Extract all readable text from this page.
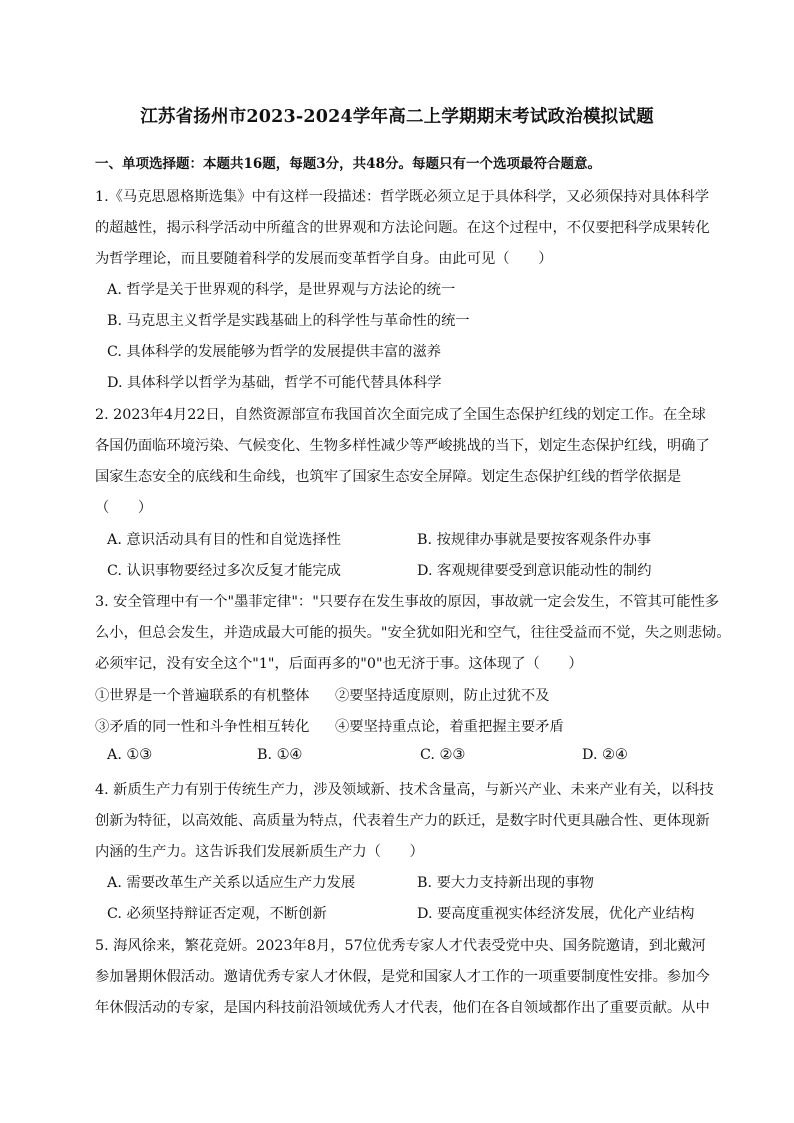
江苏省扬州市2023-2024学年高二上学期期末考试政治模拟试题
一、单项选择题：本题共16题，每题3分，共48分。每题只有一个选项最符合题意。
1.《马克思恩格斯选集》中有这样一段描述：哲学既必须立足于具体科学，又必须保持对具体科学
的超越性，揭示科学活动中所蕴含的世界观和方法论问题。在这个过程中，不仅要把科学成果转化
为哲学理论，而且要随着科学的发展而变革哲学自身。由此可见（　　）
A. 哲学是关于世界观的科学，是世界观与方法论的统一
B. 马克思主义哲学是实践基础上的科学性与革命性的统一
C. 具体科学的发展能够为哲学的发展提供丰富的滋养
D. 具体科学以哲学为基础，哲学不可能代替具体科学
2. 2023年4月22日，自然资源部宣布我国首次全面完成了全国生态保护红线的划定工作。在全球
各国仍面临环境污染、气候变化、生物多样性减少等严峻挑战的当下，划定生态保护红线，明确了
国家生态安全的底线和生命线，也筑牢了国家生态安全屏障。划定生态保护红线的哲学依据是
（　　）
A. 意识活动具有目的性和自觉选择性	B. 按规律办事就是要按客观条件办事
C. 认识事物要经过多次反复才能完成	D. 客观规律要受到意识能动性的制约
3. 安全管理中有一个"墨菲定律"："只要存在发生事故的原因，事故就一定会发生，不管其可能性多
么小，但总会发生，并造成最大可能的损失。"安全犹如阳光和空气，往往受益而不觉，失之则悲恸。
必须牢记，没有安全这个"1"，后面再多的"0"也无济于事。这体现了（　　）
①世界是一个普遍联系的有机整体 ②要坚持适度原则，防止过犹不及
③矛盾的同一性和斗争性相互转化 ④要坚持重点论，着重把握主要矛盾
A. ①③	B. ①④	C. ②③	D. ②④
4. 新质生产力有别于传统生产力，涉及领域新、技术含量高，与新兴产业、未来产业有关，以科技
创新为特征，以高效能、高质量为特点，代表着生产力的跃迁，是数字时代更具融合性、更体现新
内涵的生产力。这告诉我们发展新质生产力（　　）
A. 需要改革生产关系以适应生产力发展	B. 要大力支持新出现的事物
C. 必须坚持辩证否定观，不断创新	D. 要高度重视实体经济发展，优化产业结构
5. 海风徐来，繁花竞妍。2023年8月，57位优秀专家人才代表受党中央、国务院邀请，到北戴河
参加暑期休假活动。邀请优秀专家人才休假，是党和国家人才工作的一项重要制度性安排。参加今
年休假活动的专家，是国内科技前沿领域优秀人才代表，他们在各自领域都作出了重要贡献。从中
